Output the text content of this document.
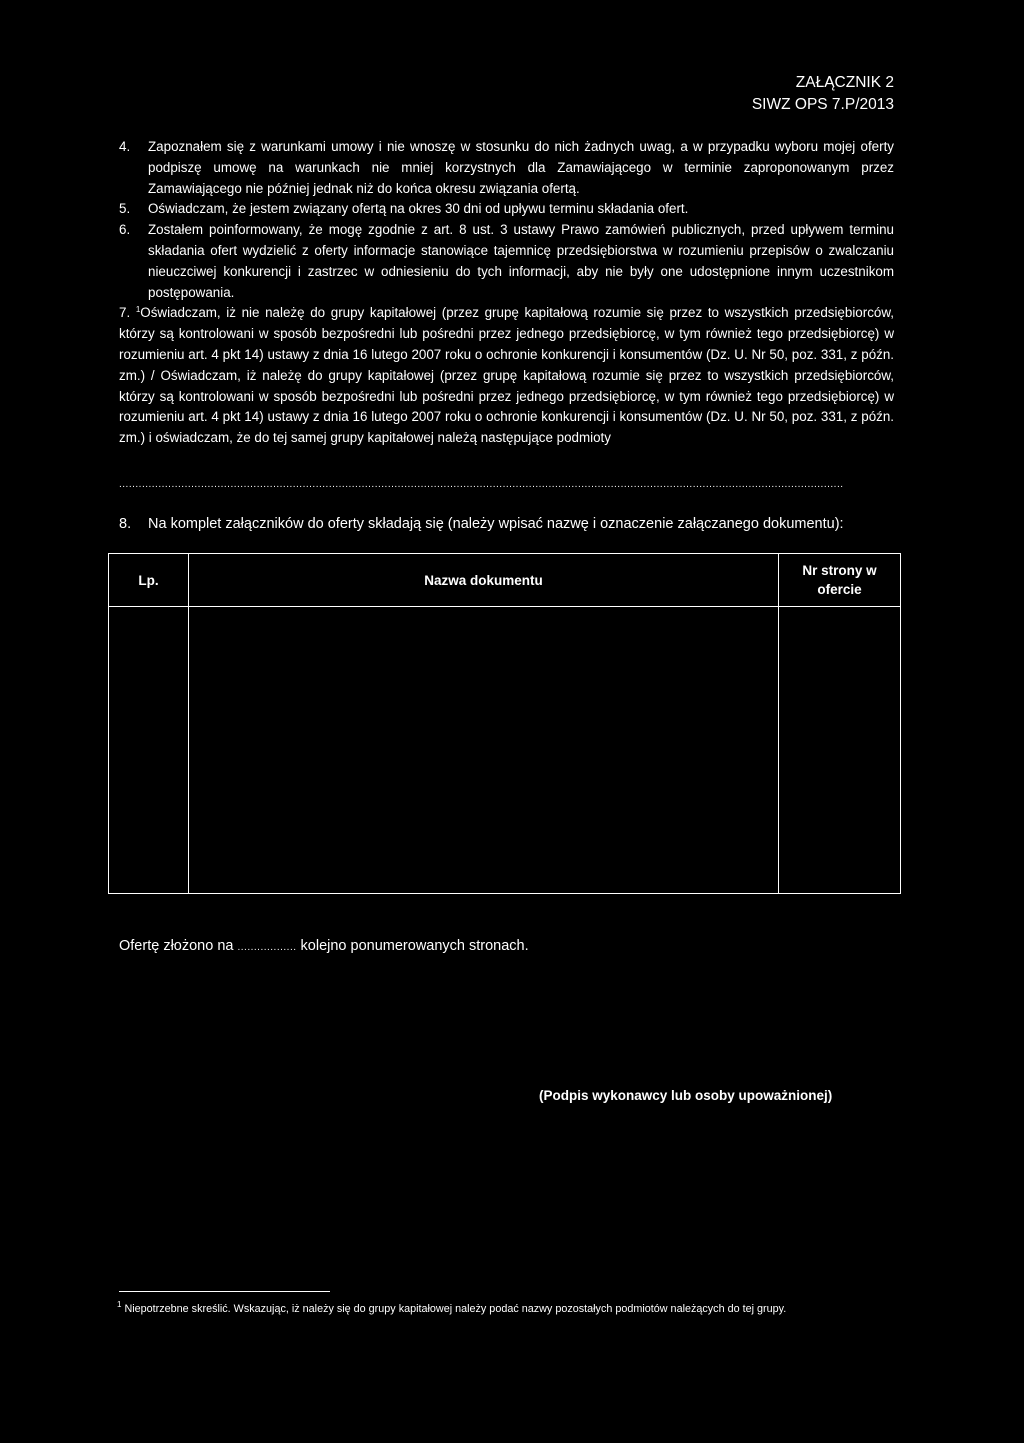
ZAŁĄCZNIK 2
SIWZ OPS 7.P/2013
4. Zapoznałem się z warunkami umowy i nie wnoszę w stosunku do nich żadnych uwag, a w przypadku wyboru mojej oferty podpiszę umowę na warunkach nie mniej korzystnych dla Zamawiającego w terminie zaproponowanym przez Zamawiającego nie później jednak niż do końca okresu związania ofertą.
5. Oświadczam, że jestem związany ofertą na okres 30 dni od upływu terminu składania ofert.
6. Zostałem poinformowany, że mogę zgodnie z art. 8 ust. 3 ustawy Prawo zamówień publicznych, przed upływem terminu składania ofert wydzielić z oferty informacje stanowiące tajemnicę przedsiębiorstwa w rozumieniu przepisów o zwalczaniu nieuczciwej konkurencji i zastrzec w odniesieniu do tych informacji, aby nie były one udostępnione innym uczestnikom postępowania.
7. $^1$Oświadczam, iż nie należę do grupy kapitałowej (przez grupę kapitałową rozumie się przez to wszystkich przedsiębiorców, którzy są kontrolowani w sposób bezpośredni lub pośredni przez jednego przedsiębiorcę, w tym również tego przedsiębiorcę) w rozumieniu art. 4 pkt 14) ustawy z dnia 16 lutego 2007 roku o ochronie konkurencji i konsumentów (Dz. U. Nr 50, poz. 331, z późn. zm.) / Oświadczam, iż należę do grupy kapitałowej (przez grupę kapitałową rozumie się przez to wszystkich przedsiębiorców, którzy są kontrolowani w sposób bezpośredni lub pośredni przez jednego przedsiębiorcę, w tym również tego przedsiębiorcę) w rozumieniu art. 4 pkt 14) ustawy z dnia 16 lutego 2007 roku o ochronie konkurencji i konsumentów (Dz. U. Nr 50, poz. 331, z późn. zm.) i oświadczam, że do tej samej grupy kapitałowej należą następujące podmioty
.............................................................................................................................................................................................................................
8. Na komplet załączników do oferty składają się (należy wpisać nazwę i oznaczenie załączanego dokumentu):
Lp.	Nazwa dokumentu	Nr strony w ofercie

Ofertę złożono na .................. kolejno ponumerowanych stronach.
(Podpis wykonawcy lub osoby upoważnionej)
$^1$ Niepotrzebne skreślić. Wskazując, iż należy się do grupy kapitałowej należy podać nazwy pozostałych podmiotów należących do tej grupy.
